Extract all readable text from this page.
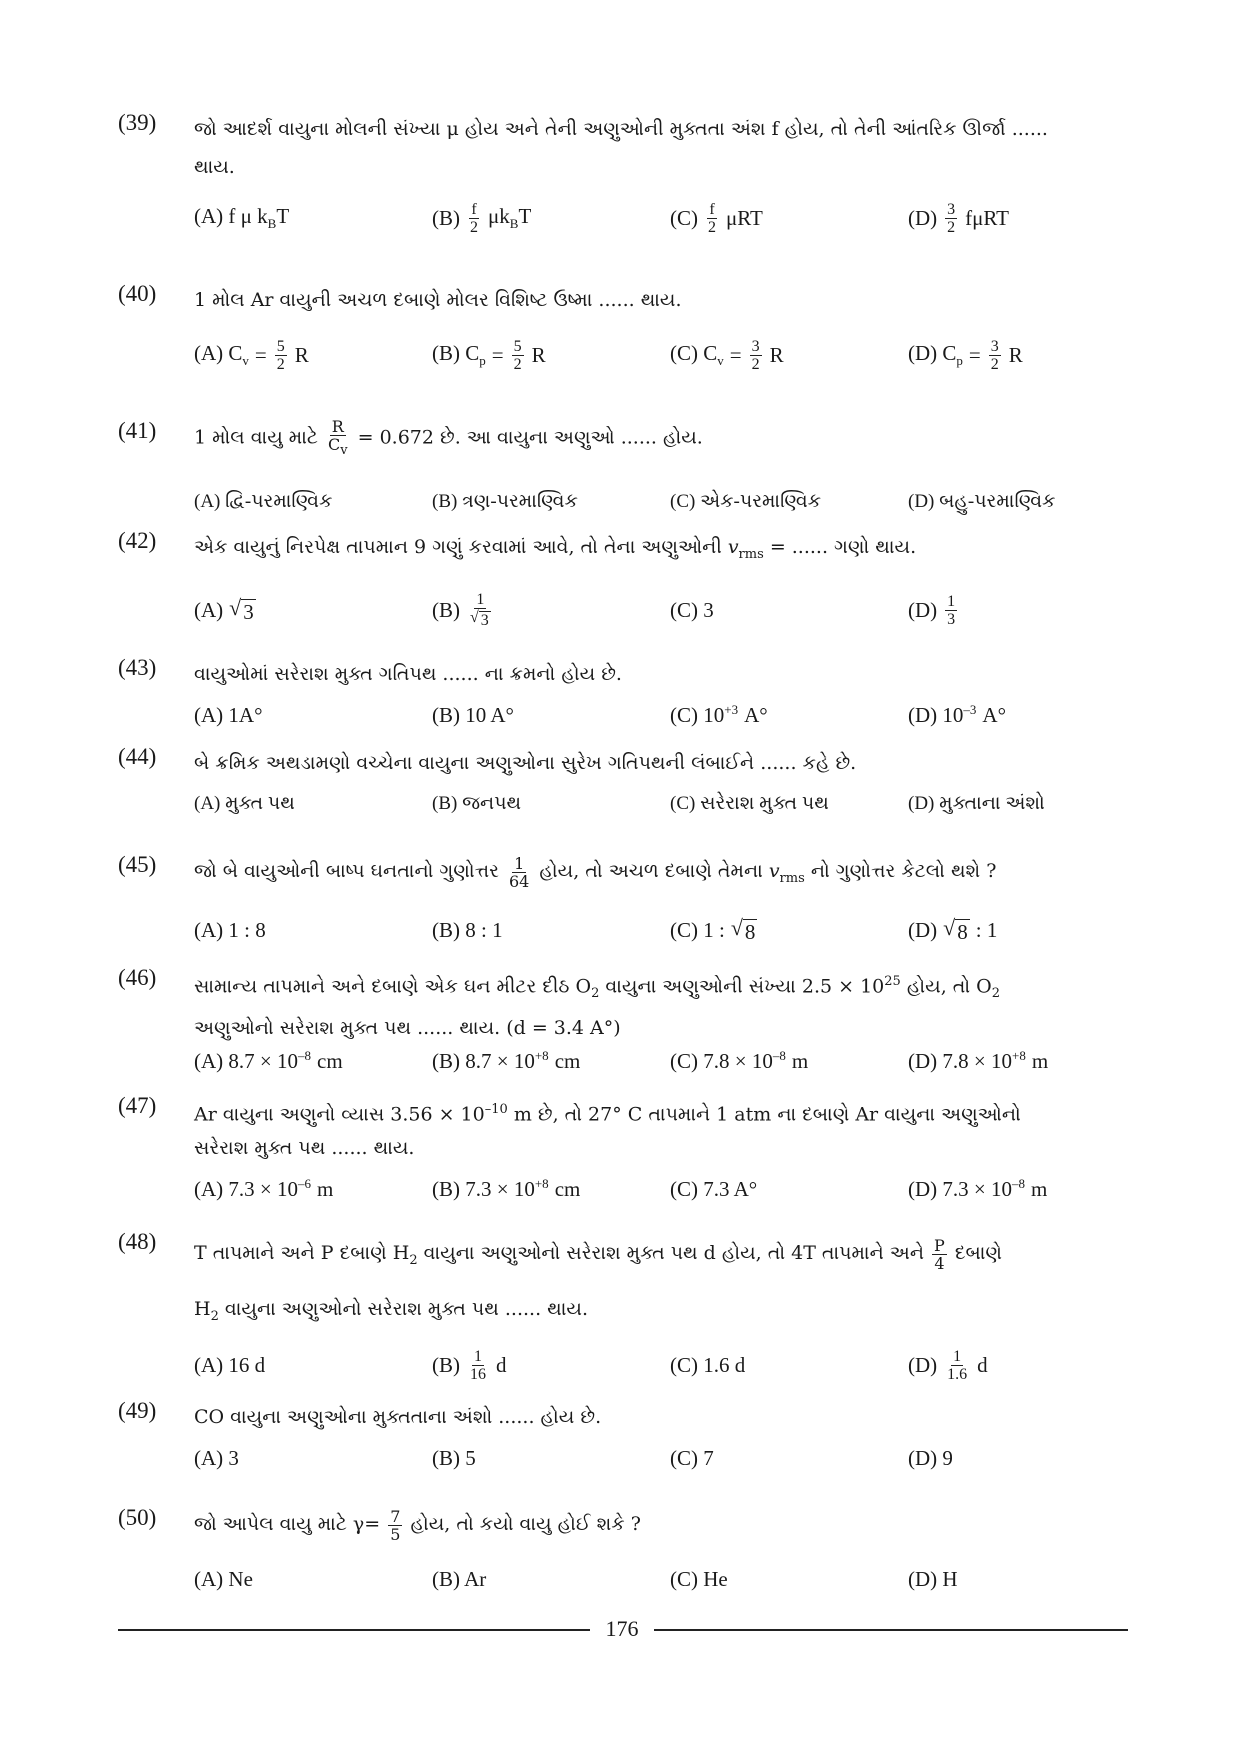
(39) જો આદર્શ વાયુના મોલની સંખ્યા μ હોય અને તેની અણુઓની મુક્તતા અંશ f હોય, તો તેની આંતરિક ઊર્જા ......
થાય.
(A) f μ $k_BT$	$(B) \frac{f}{2} \mu k_BT$	$(C) \frac{f}{2}$ μRT	$(D) \frac{3}{2}$ fμRT
(40) 1 મોલ Ar વાયુની અચળ દબાણે મોલર વિશિષ્ટ ઉષ્મા ...... થાય.
(A) $C_v = \frac{5}{2}$ R	(B) $C_p = \frac{5}{2}$ R	(C) $C_v = \frac{3}{2}$ R	(D) $C_p = \frac{3}{2}$ R
(41) 1 મોલ વાયુ માટે $\frac{R}{C_v} = 0.672$ છે. આ વાયુના અણુઓ ...... હોય.
(A) દ્વિ-પરમાણ્વિક	(B) ત્રણ-પરમાણ્વિક	(C) એક-પરમાણ્વિક	(D) બહુ-પરમાણ્વિક
(42) એક વાયુનું નિરપેક્ષ તાપમાન 9 ગણું કરવામાં આવે, તો તેના અણુઓની $v_{rms}$ = ...... ગણો થાય.
(A) √ 3	$(B) \frac{1}{√ 3}$	(C) 3	$(D) \frac{1}{3}$
(43) વાયુઓમાં સરેરાશ મુક્ત ગતિપથ ...... ના ક્રમનો હોય છે.
(A) 1A°	(B) 10 A°	(C) $10^{+3}$ A°	(D) $10^{-3}$ A°
(44) બે ક્રમિક અથડામણો વચ્ચેના વાયુના અણુઓના સુરેખ ગતિપથની લંબાઈને ...... કહે છે.
(A) મુક્ત પથ	(B) જનપથ	(C) સરેરાશ મુક્ત પથ	(D) મુક્તાના અંશો
(45) જો બે વાયુઓની બાષ્પ ઘનતાનો ગુણોત્તર $\frac{1}{64}$ હોય, તો અચળ દબાણે તેમના $v_{rms}$ નો ગુણોત્તર કેટલો થશે ?
(A) 1 : 8	(B) 8 : 1	(C) 1 : √ 8	(D) √ 8 : 1
(46) સામાન્ય તાપમાને અને દબાણે એક ઘન મીટર દીઠ $O_2$ વાયુના અણુઓની સંખ્યા $2.5 \times 10^{25}$ હોય, તો $O_2$
અણુઓનો સરેરાશ મુક્ત પથ ...... થાય. (d = 3.4 A°)
(A) $8.7 \times 10^{-8}$ cm	(B) $8.7 \times 10^{+8}$ cm	(C) $7.8 \times 10^{-8}$ m	(D) $7.8 \times 10^{+8}$ m
(47) Ar વાયુના અણુનો વ્યાસ $3.56 \times 10^{-10}$ m છે, તો 27° C તાપમાને 1 atm ના દબાણે Ar વાયુના અણુઓનો
સરેરાશ મુક્ત પથ ...... થાય.
(A) $7.3 \times 10^{-6}$ m	(B) $7.3 \times 10^{+8}$ cm	(C) 7.3 A°	(D) $7.3 \times 10^{-8}$ m
(48) T તાપમાને અને P દબાણે $H_2$ વાયુના અણુઓનો સરેરાશ મુક્ત પથ d હોય, તો 4T તાપમાને અને $\frac{P}{4}$ દબાણે
$H_2$ વાયુના અણુઓનો સરેરાશ મુક્ત પથ ...... થાય.
(A) 16 d	$(B) \frac{1}{16}$ d	(C) 1.6 d	$(D) \frac{1}{1.6}$ d
(49) CO વાયુના અણુઓના મુક્તતાના અંશો ...... હોય છે.
(A) 3	(B) 5	(C) 7	(D) 9
(50) જો આપેલ વાયુ માટે $\gamma= \frac{7}{5}$ હોય, તો કયો વાયુ હોઈ શકે ?
(A) Ne	(B) Ar	(C) He	(D) H
176
